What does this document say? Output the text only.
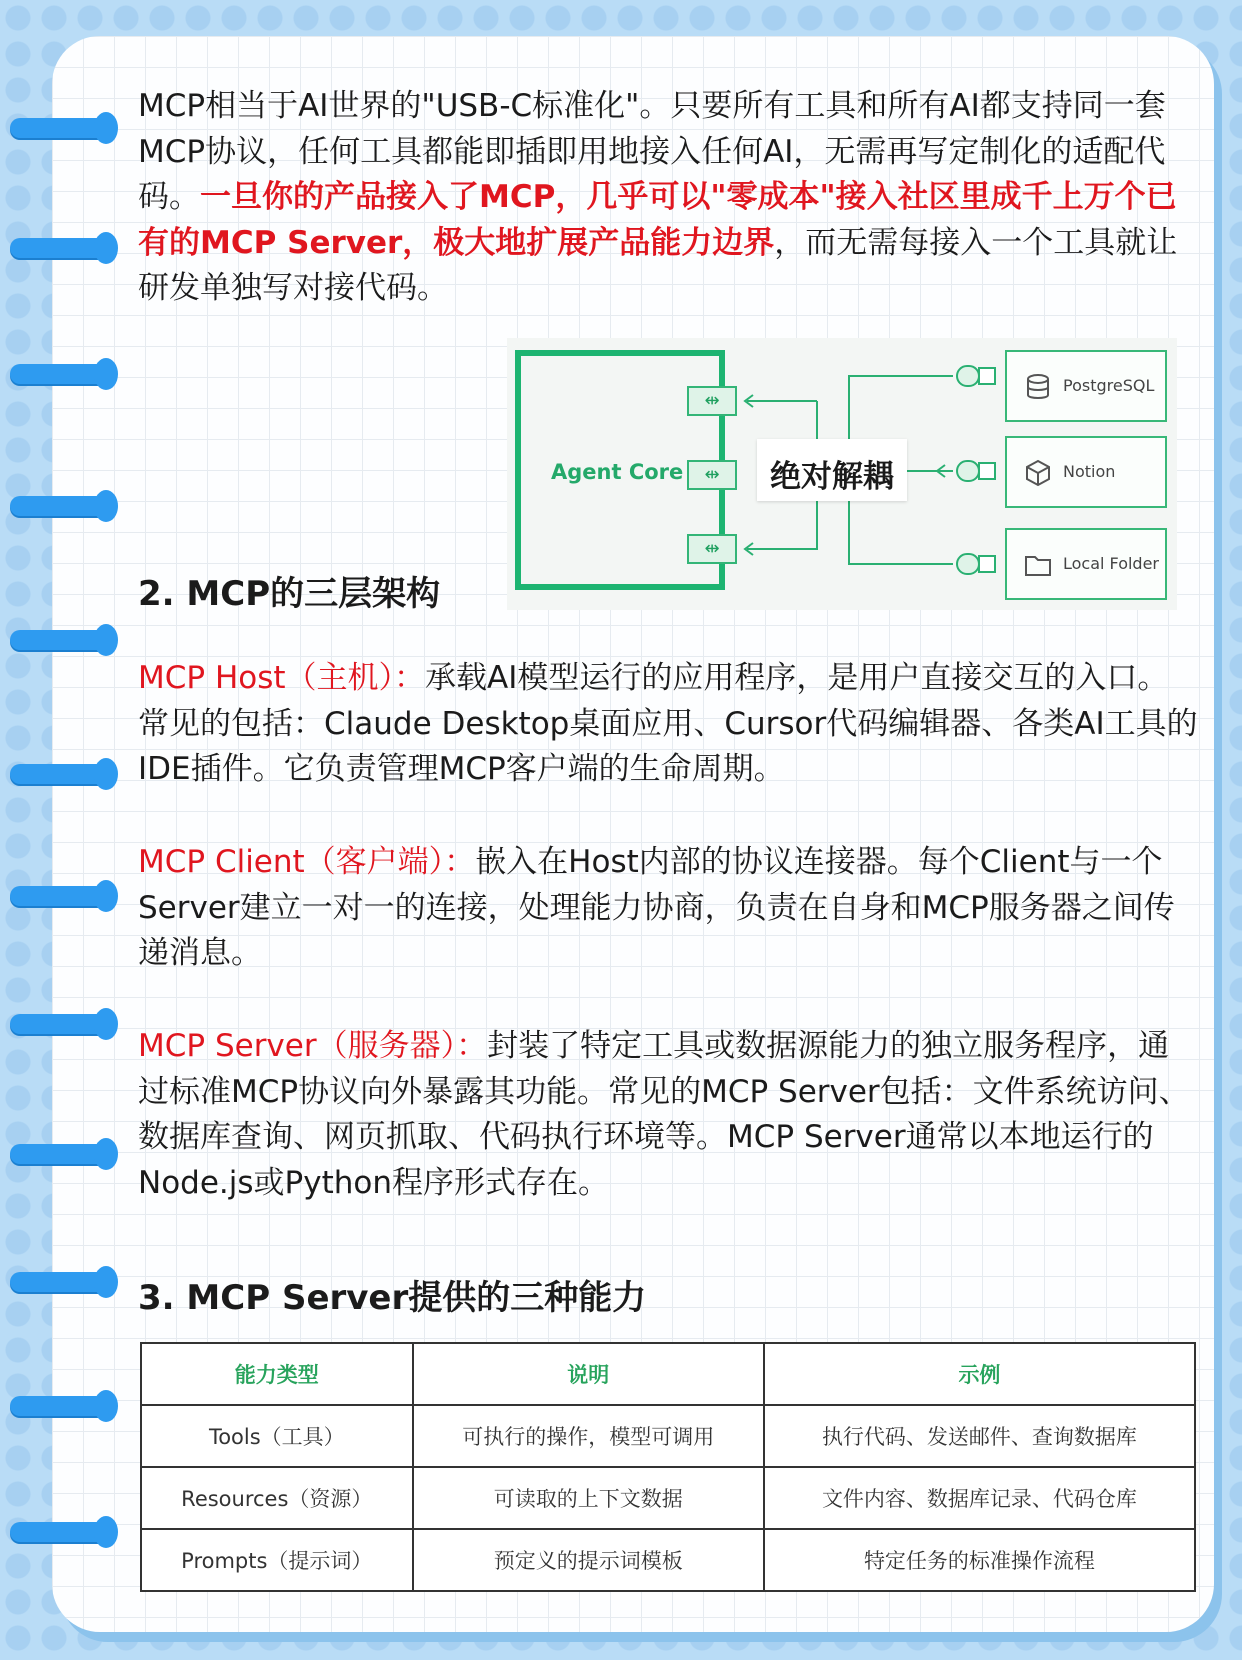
MCP相当于AI世界的"USB-C标准化"。只要所有工具和所有AI都支持同一套MCP协议，任何工具都能即插即用地接入任何AI，无需再写定制化的适配代码。一旦你的产品接入了MCP，几乎可以"零成本"接入社区里成千上万个已有的MCP Server，极大地扩展产品能力边界，而无需每接入一个工具就让研发单独写对接代码。

Agent Core
⇹
⇹
⇹
绝对解耦
PostgreSQL
Notion
Local Folder
2. MCP的三层架构

MCP Host（主机）：承载AI模型运行的应用程序，是用户直接交互的入口。常见的包括：Claude Desktop桌面应用、Cursor代码编辑器、各类AI工具的IDE插件。它负责管理MCP客户端的生命周期。

MCP Client（客户端）：嵌入在Host内部的协议连接器。每个Client与一个Server建立一对一的连接，处理能力协商，负责在自身和MCP服务器之间传递消息。

MCP Server（服务器）：封装了特定工具或数据源能力的独立服务程序，通过标准MCP协议向外暴露其功能。常见的MCP Server包括：文件系统访问、数据库查询、网页抓取、代码执行环境等。MCP Server通常以本地运行的Node.js或Python程序形式存在。

3. MCP Server提供的三种能力
能力类型	说明	示例
Tools（工具）	可执行的操作，模型可调用	执行代码、发送邮件、查询数据库
Resources（资源）	可读取的上下文数据	文件内容、数据库记录、代码仓库
Prompts（提示词）	预定义的提示词模板	特定任务的标准操作流程
